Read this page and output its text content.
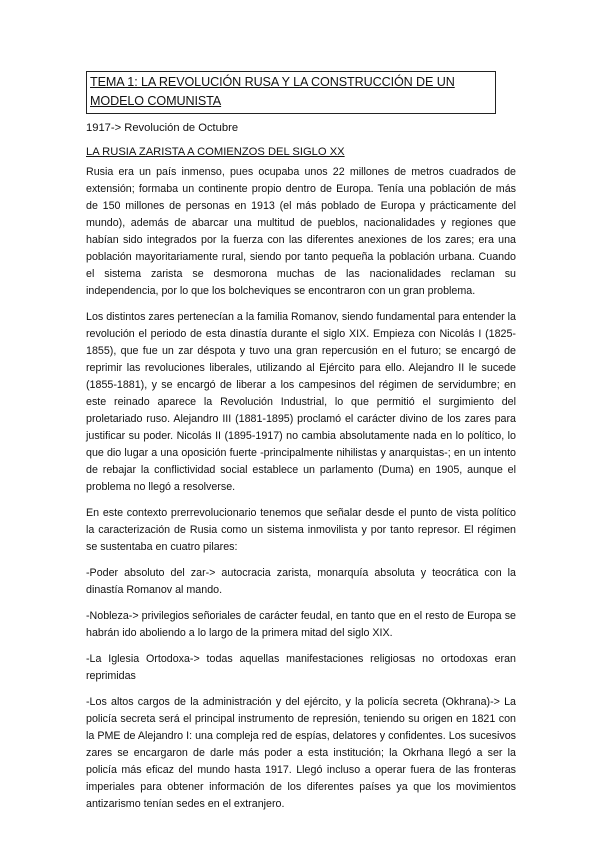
TEMA 1: LA REVOLUCIÓN RUSA Y LA CONSTRUCCIÓN DE UN MODELO COMUNISTA
1917-> Revolución de Octubre
LA RUSIA ZARISTA A COMIENZOS DEL SIGLO XX

Rusia era un país inmenso, pues ocupaba unos 22 millones de metros cuadrados de extensión; formaba un continente propio dentro de Europa. Tenía una población de más de 150 millones de personas en 1913 (el más poblado de Europa y prácticamente del mundo), además de abarcar una multitud de pueblos, nacionalidades y regiones que habían sido integrados por la fuerza con las diferentes anexiones de los zares; era una población mayoritariamente rural, siendo por tanto pequeña la población urbana. Cuando el sistema zarista se desmorona muchas de las nacionalidades reclaman su independencia, por lo que los bolcheviques se encontraron con un gran problema.

Los distintos zares pertenecían a la familia Romanov, siendo fundamental para entender la revolución el periodo de esta dinastía durante el siglo XIX. Empieza con Nicolás I (1825-1855), que fue un zar déspota y tuvo una gran repercusión en el futuro; se encargó de reprimir las revoluciones liberales, utilizando al Ejército para ello. Alejandro II le sucede (1855-1881), y se encargó de liberar a los campesinos del régimen de servidumbre; en este reinado aparece la Revolución Industrial, lo que permitió el surgimiento del proletariado ruso. Alejandro III (1881-1895) proclamó el carácter divino de los zares para justificar su poder. Nicolás II (1895-1917) no cambia absolutamente nada en lo político, lo que dio lugar a una oposición fuerte -principalmente nihilistas y anarquistas-; en un intento de rebajar la conflictividad social establece un parlamento (Duma) en 1905, aunque el problema no llegó a resolverse.

En este contexto prerrevolucionario tenemos que señalar desde el punto de vista político la caracterización de Rusia como un sistema inmovilista y por tanto represor. El régimen se sustentaba en cuatro pilares:

-Poder absoluto del zar-> autocracia zarista, monarquía absoluta y teocrática con la dinastía Romanov al mando.

-Nobleza-> privilegios señoriales de carácter feudal, en tanto que en el resto de Europa se habrán ido aboliendo a lo largo de la primera mitad del siglo XIX.

-La Iglesia Ortodoxa-> todas aquellas manifestaciones religiosas no ortodoxas eran reprimidas

-Los altos cargos de la administración y del ejército, y la policía secreta (Okhrana)-> La policía secreta será el principal instrumento de represión, teniendo su origen en 1821 con la PME de Alejandro I: una compleja red de espías, delatores y confidentes. Los sucesivos zares se encargaron de darle más poder a esta institución; la Okrhana llegó a ser la policía más eficaz del mundo hasta 1917. Llegó incluso a operar fuera de las fronteras imperiales para obtener información de los diferentes países ya que los movimientos antizarismo tenían sedes en el extranjero.
